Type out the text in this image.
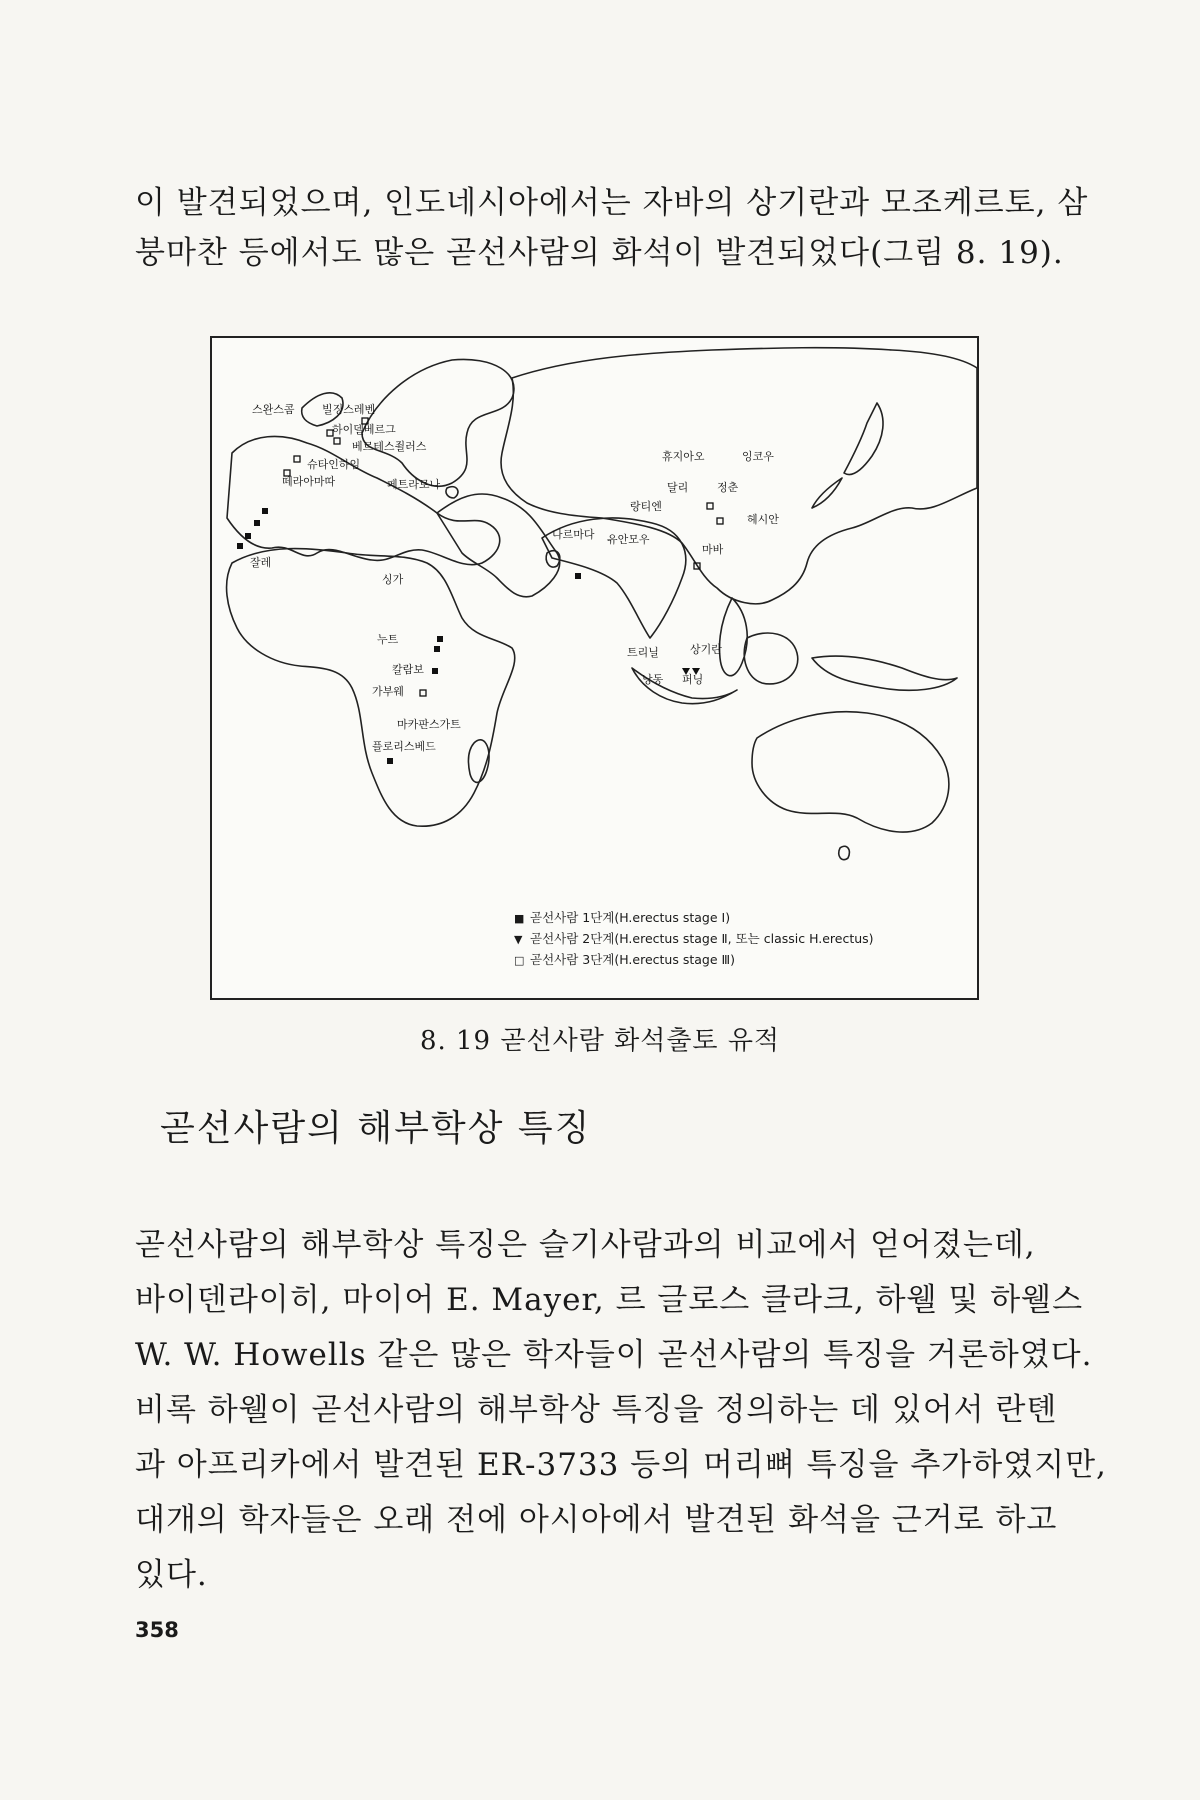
이 발견되었으며, 인도네시아에서는 자바의 상기란과 모조케르토, 삼
붕마찬 등에서도 많은 곧선사람의 화석이 발견되었다(그림 8. 19).
스완스콤 빌징스레벤
하이델베르그
베르테스죌러스
슈타인하임
떼라아마따	페트라로나
잘레
휴지아오	잉코우
달리	정춘
랑티엔
헤시안
나르마다 유안모우
마바
싱가
누트
칼람보
가부웨
마카판스가트
플로리스베드
트리닐	상기란
낭동 퍼닝
■ 곧선사람 1단계(H.erectus stage Ⅰ)
▼ 곧선사람 2단계(H.erectus stage Ⅱ, 또는 classic H.erectus)
□ 곧선사람 3단계(H.erectus stage Ⅲ)
8. 19 곧선사람 화석출토 유적
곧선사람의 해부학상 특징
곧선사람의 해부학상 특징은 슬기사람과의 비교에서 얻어졌는데,
바이덴라이히, 마이어 E. Mayer, 르 글로스 클라크, 하웰 및 하웰스
W. W. Howells 같은 많은 학자들이 곧선사람의 특징을 거론하였다.
비록 하웰이 곧선사람의 해부학상 특징을 정의하는 데 있어서 란톈
과 아프리카에서 발견된 ER-3733 등의 머리뼈 특징을 추가하였지만,
대개의 학자들은 오래 전에 아시아에서 발견된 화석을 근거로 하고
있다.
358
